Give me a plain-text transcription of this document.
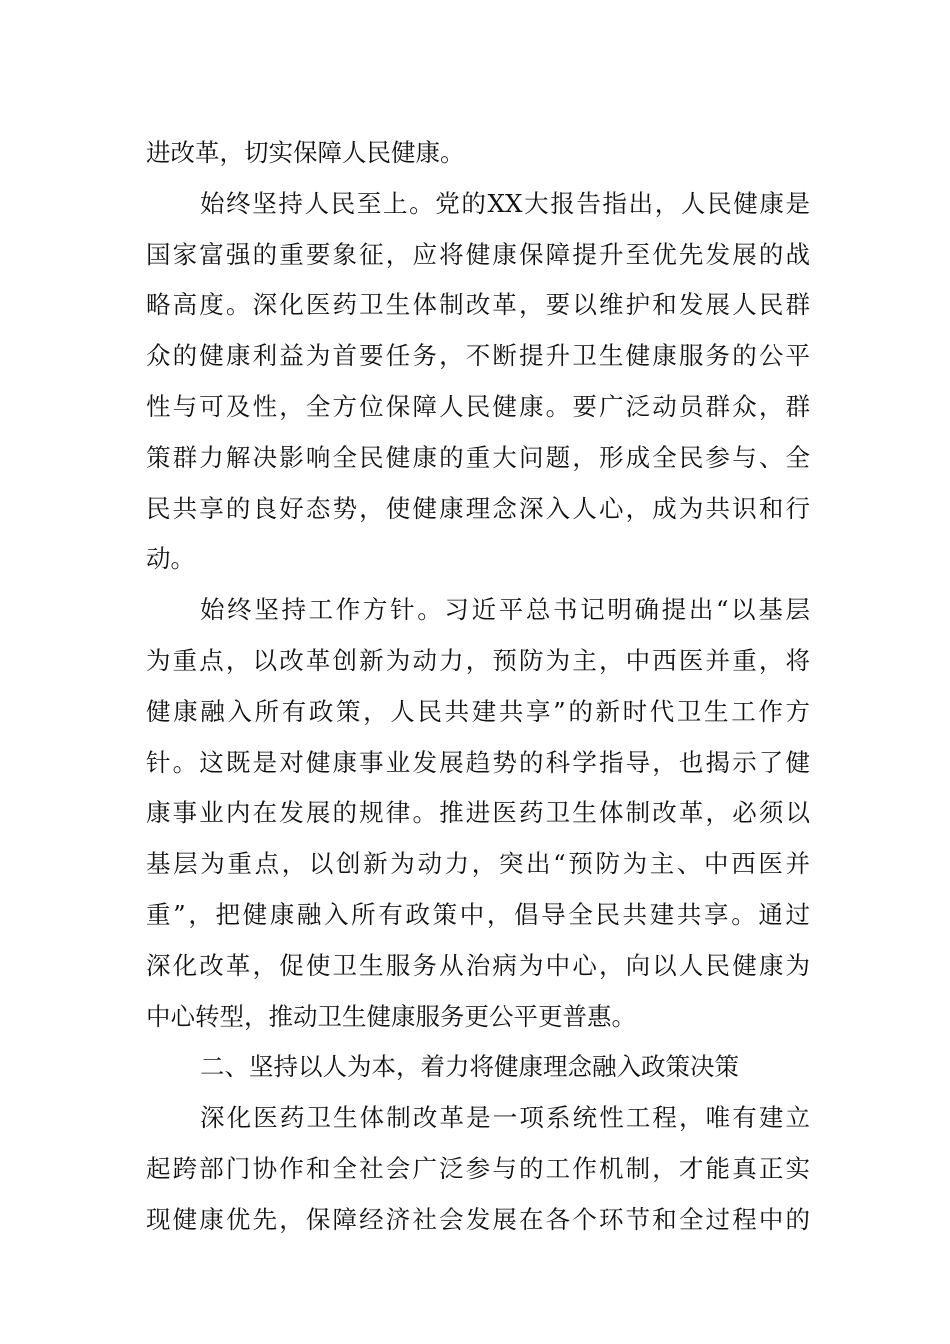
进改革，切实保障人民健康。
始终坚持人民至上。党的XX大报告指出，人民健康是
国家富强的重要象征，应将健康保障提升至优先发展的战
略高度。深化医药卫生体制改革，要以维护和发展人民群
众的健康利益为首要任务，不断提升卫生健康服务的公平
性与可及性，全方位保障人民健康。要广泛动员群众，群
策群力解决影响全民健康的重大问题，形成全民参与、全
民共享的良好态势，使健康理念深入人心，成为共识和行
动。
始终坚持工作方针。习近平总书记明确提出“以基层
为重点，以改革创新为动力，预防为主，中西医并重，将
健康融入所有政策，人民共建共享”的新时代卫生工作方
针。这既是对健康事业发展趋势的科学指导，也揭示了健
康事业内在发展的规律。推进医药卫生体制改革，必须以
基层为重点，以创新为动力，突出“预防为主、中西医并
重”，把健康融入所有政策中，倡导全民共建共享。通过
深化改革，促使卫生服务从治病为中心，向以人民健康为
中心转型，推动卫生健康服务更公平更普惠。
二、坚持以人为本，着力将健康理念融入政策决策
深化医药卫生体制改革是一项系统性工程，唯有建立
起跨部门协作和全社会广泛参与的工作机制，才能真正实
现健康优先，保障经济社会发展在各个环节和全过程中的
